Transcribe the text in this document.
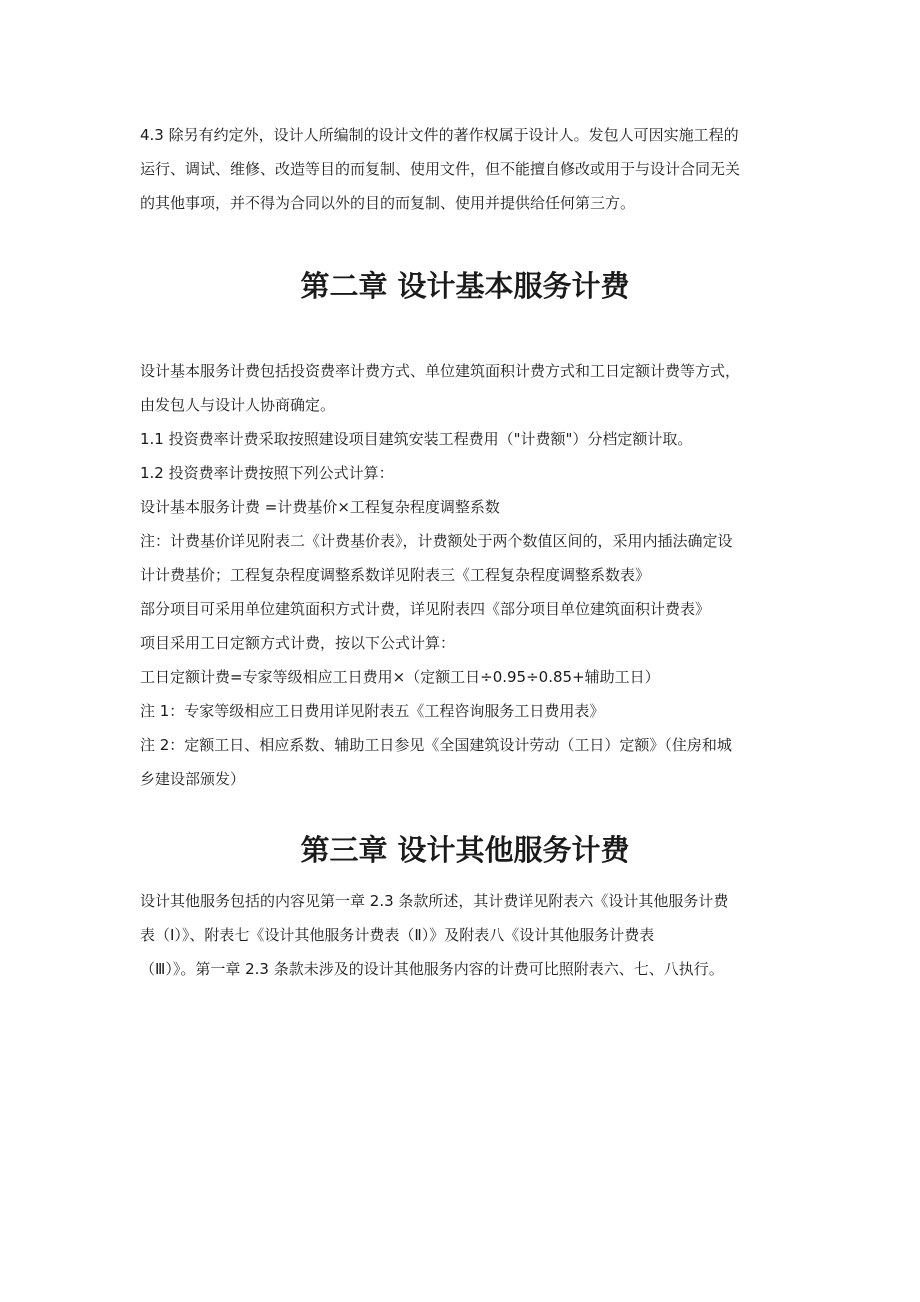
4.3 除另有约定外，设计人所编制的设计文件的著作权属于设计人。发包人可因实施工程的
运行、调试、维修、改造等目的而复制、使用文件，但不能擅自修改或用于与设计合同无关
的其他事项，并不得为合同以外的目的而复制、使用并提供给任何第三方。
第二章 设计基本服务计费
设计基本服务计费包括投资费率计费方式、单位建筑面积计费方式和工日定额计费等方式，
由发包人与设计人协商确定。
1.1 投资费率计费采取按照建设项目建筑安装工程费用（"计费额"）分档定额计取。
1.2 投资费率计费按照下列公式计算：
设计基本服务计费 =计费基价×工程复杂程度调整系数
注：计费基价详见附表二《计费基价表》，计费额处于两个数值区间的，采用内插法确定设
计计费基价；工程复杂程度调整系数详见附表三《工程复杂程度调整系数表》
部分项目可采用单位建筑面积方式计费，详见附表四《部分项目单位建筑面积计费表》
项目采用工日定额方式计费，按以下公式计算：
工日定额计费=专家等级相应工日费用×（定额工日÷0.95÷0.85+辅助工日）
注 1：专家等级相应工日费用详见附表五《工程咨询服务工日费用表》
注 2：定额工日、相应系数、辅助工日参见《全国建筑设计劳动（工日）定额》（住房和城
乡建设部颁发）
第三章 设计其他服务计费
设计其他服务包括的内容见第一章 2.3 条款所述，其计费详见附表六《设计其他服务计费
表（Ⅰ）》、附表七《设计其他服务计费表（Ⅱ）》及附表八《设计其他服务计费表
（Ⅲ）》。第一章 2.3 条款未涉及的设计其他服务内容的计费可比照附表六、七、八执行。
